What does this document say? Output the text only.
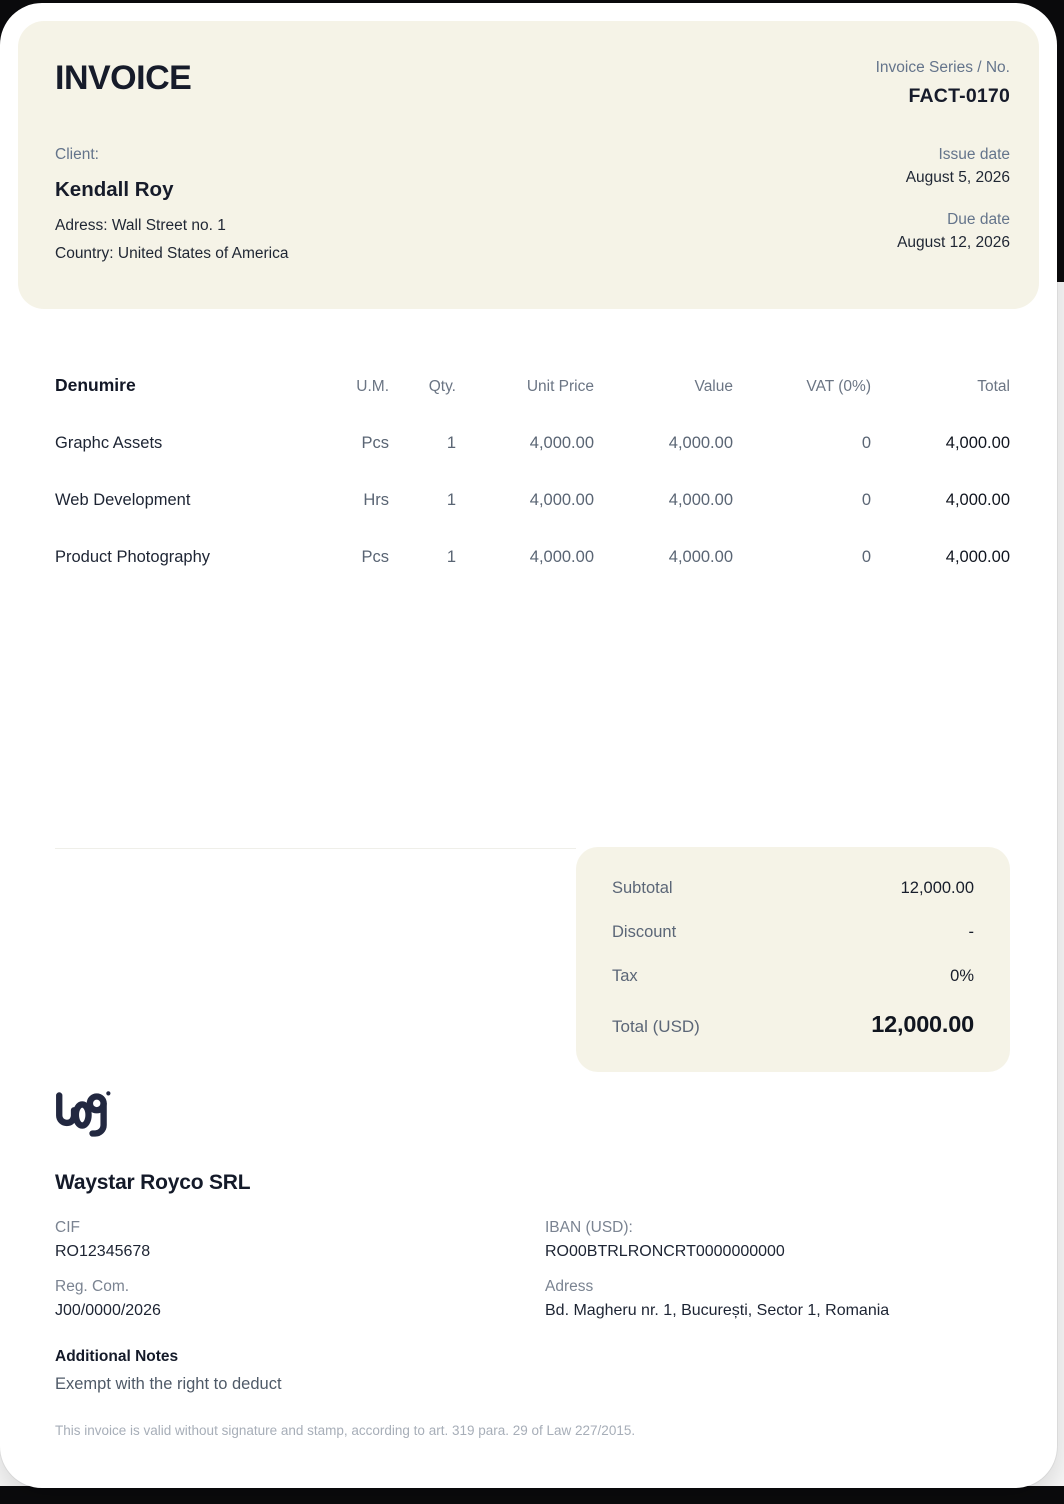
INVOICE	Invoice Series / No.
FACT-0170
Client:
Kendall Roy
Adress: Wall Street no. 1
Country: United States of America
Issue date
August 5, 2026
Due date
August 12, 2026
Denumire	U.M.	Qty.	Unit Price	Value	VAT (0%)	Total
Graphc Assets	Pcs	1	4,000.00	4,000.00	0	4,000.00
Web Development	Hrs	1	4,000.00	4,000.00	0	4,000.00
Product Photography	Pcs	1	4,000.00	4,000.00	0	4,000.00
Subtotal	12,000.00
Discount	-
Tax	0%
Total (USD)	12,000.00
Waystar Royco SRL
CIF
RO12345678
IBAN (USD):
RO00BTRLRONCRT0000000000
Reg. Com.
J00/0000/2026
Adress
Bd. Magheru nr. 1, București, Sector 1, Romania
Additional Notes
Exempt with the right to deduct
This invoice is valid without signature and stamp, according to art. 319 para. 29 of Law 227/2015.
